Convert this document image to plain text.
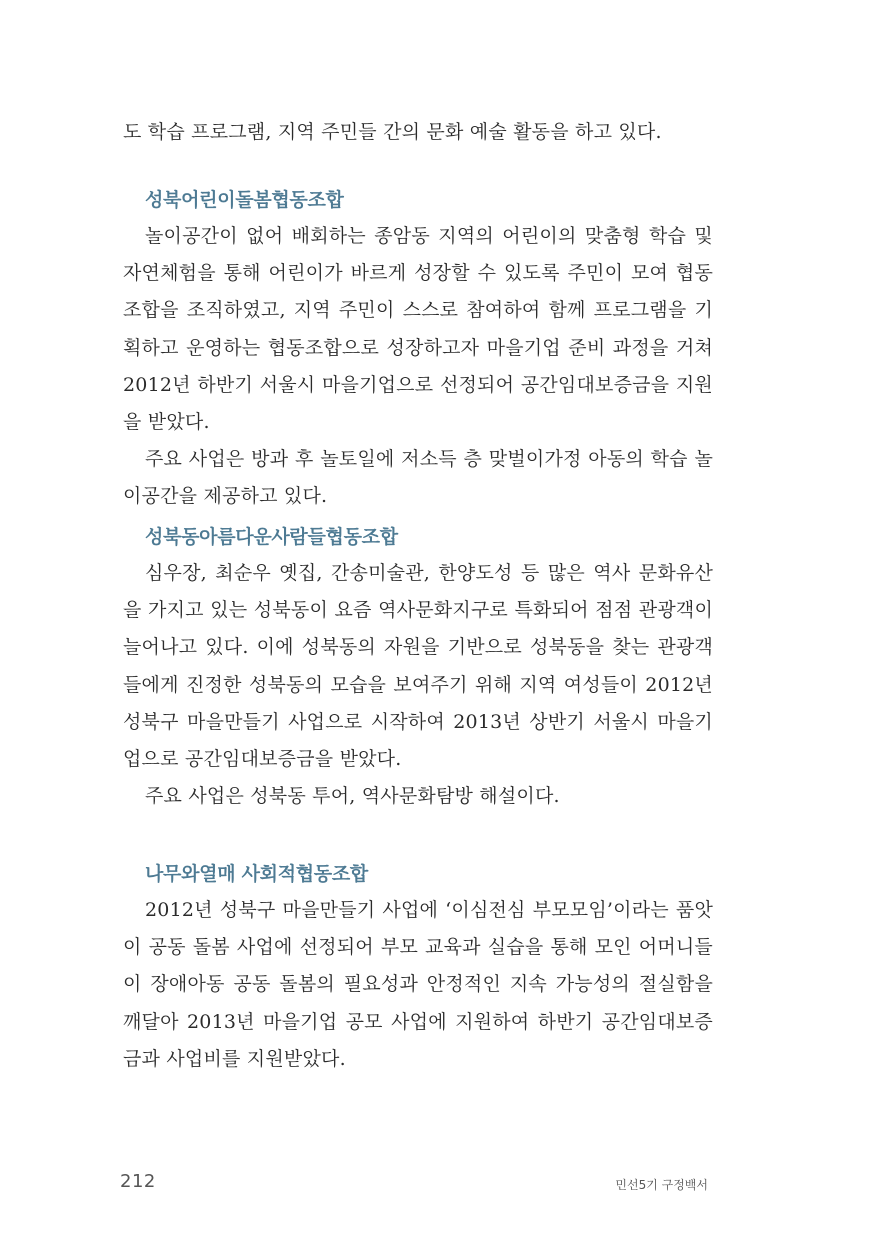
도 학습 프로그램, 지역 주민들 간의 문화 예술 활동을 하고 있다.

성북어린이돌봄협동조합

놀이공간이 없어 배회하는 종암동 지역의 어린이의 맞춤형 학습 및 자연체험을 통해 어린이가 바르게 성장할 수 있도록 주민이 모여 협동조합을 조직하였고, 지역 주민이 스스로 참여하여 함께 프로그램을 기획하고 운영하는 협동조합으로 성장하고자 마을기업 준비 과정을 거쳐 2012년 하반기 서울시 마을기업으로 선정되어 공간임대보증금을 지원을 받았다.

주요 사업은 방과 후 놀토일에 저소득 층 맞벌이가정 아동의 학습 놀이공간을 제공하고 있다.

성북동아름다운사람들협동조합

심우장, 최순우 옛집, 간송미술관, 한양도성 등 많은 역사 문화유산을 가지고 있는 성북동이 요즘 역사문화지구로 특화되어 점점 관광객이 늘어나고 있다. 이에 성북동의 자원을 기반으로 성북동을 찾는 관광객들에게 진정한 성북동의 모습을 보여주기 위해 지역 여성들이 2012년 성북구 마을만들기 사업으로 시작하여 2013년 상반기 서울시 마을기업으로 공간임대보증금을 받았다.

주요 사업은 성북동 투어, 역사문화탐방 해설이다.

나무와열매 사회적협동조합

2012년 성북구 마을만들기 사업에 ‘이심전심 부모모임’이라는 품앗이 공동 돌봄 사업에 선정되어 부모 교육과 실습을 통해 모인 어머니들이 장애아동 공동 돌봄의 필요성과 안정적인 지속 가능성의 절실함을 깨달아 2013년 마을기업 공모 사업에 지원하여 하반기 공간임대보증금과 사업비를 지원받았다.

212	민선5기 구정백서
